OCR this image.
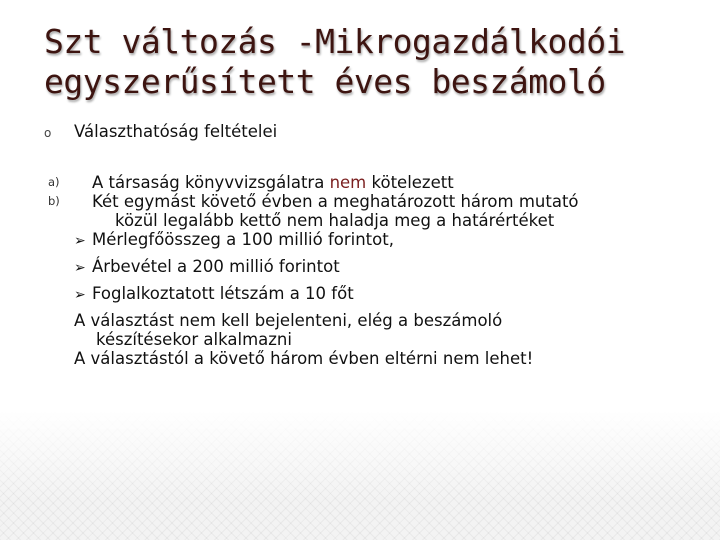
Szt változás -Mikrogazdálkodói
egyszerűsített éves beszámoló
o Választhatóság feltételei
a) A társaság könyvvizsgálatra nem kötelezett
b) Két egymást követő évben a meghatározott három mutató
közül legalább kettő nem haladja meg a határértéket
➢ Mérlegfőösszeg a 100 millió forintot,
➢ Árbevétel a 200 millió forintot
➢ Foglalkoztatott létszám a 10 főt
A választást nem kell bejelenteni, elég a beszámoló
készítésekor alkalmazni
A választástól a követő három évben eltérni nem lehet!
